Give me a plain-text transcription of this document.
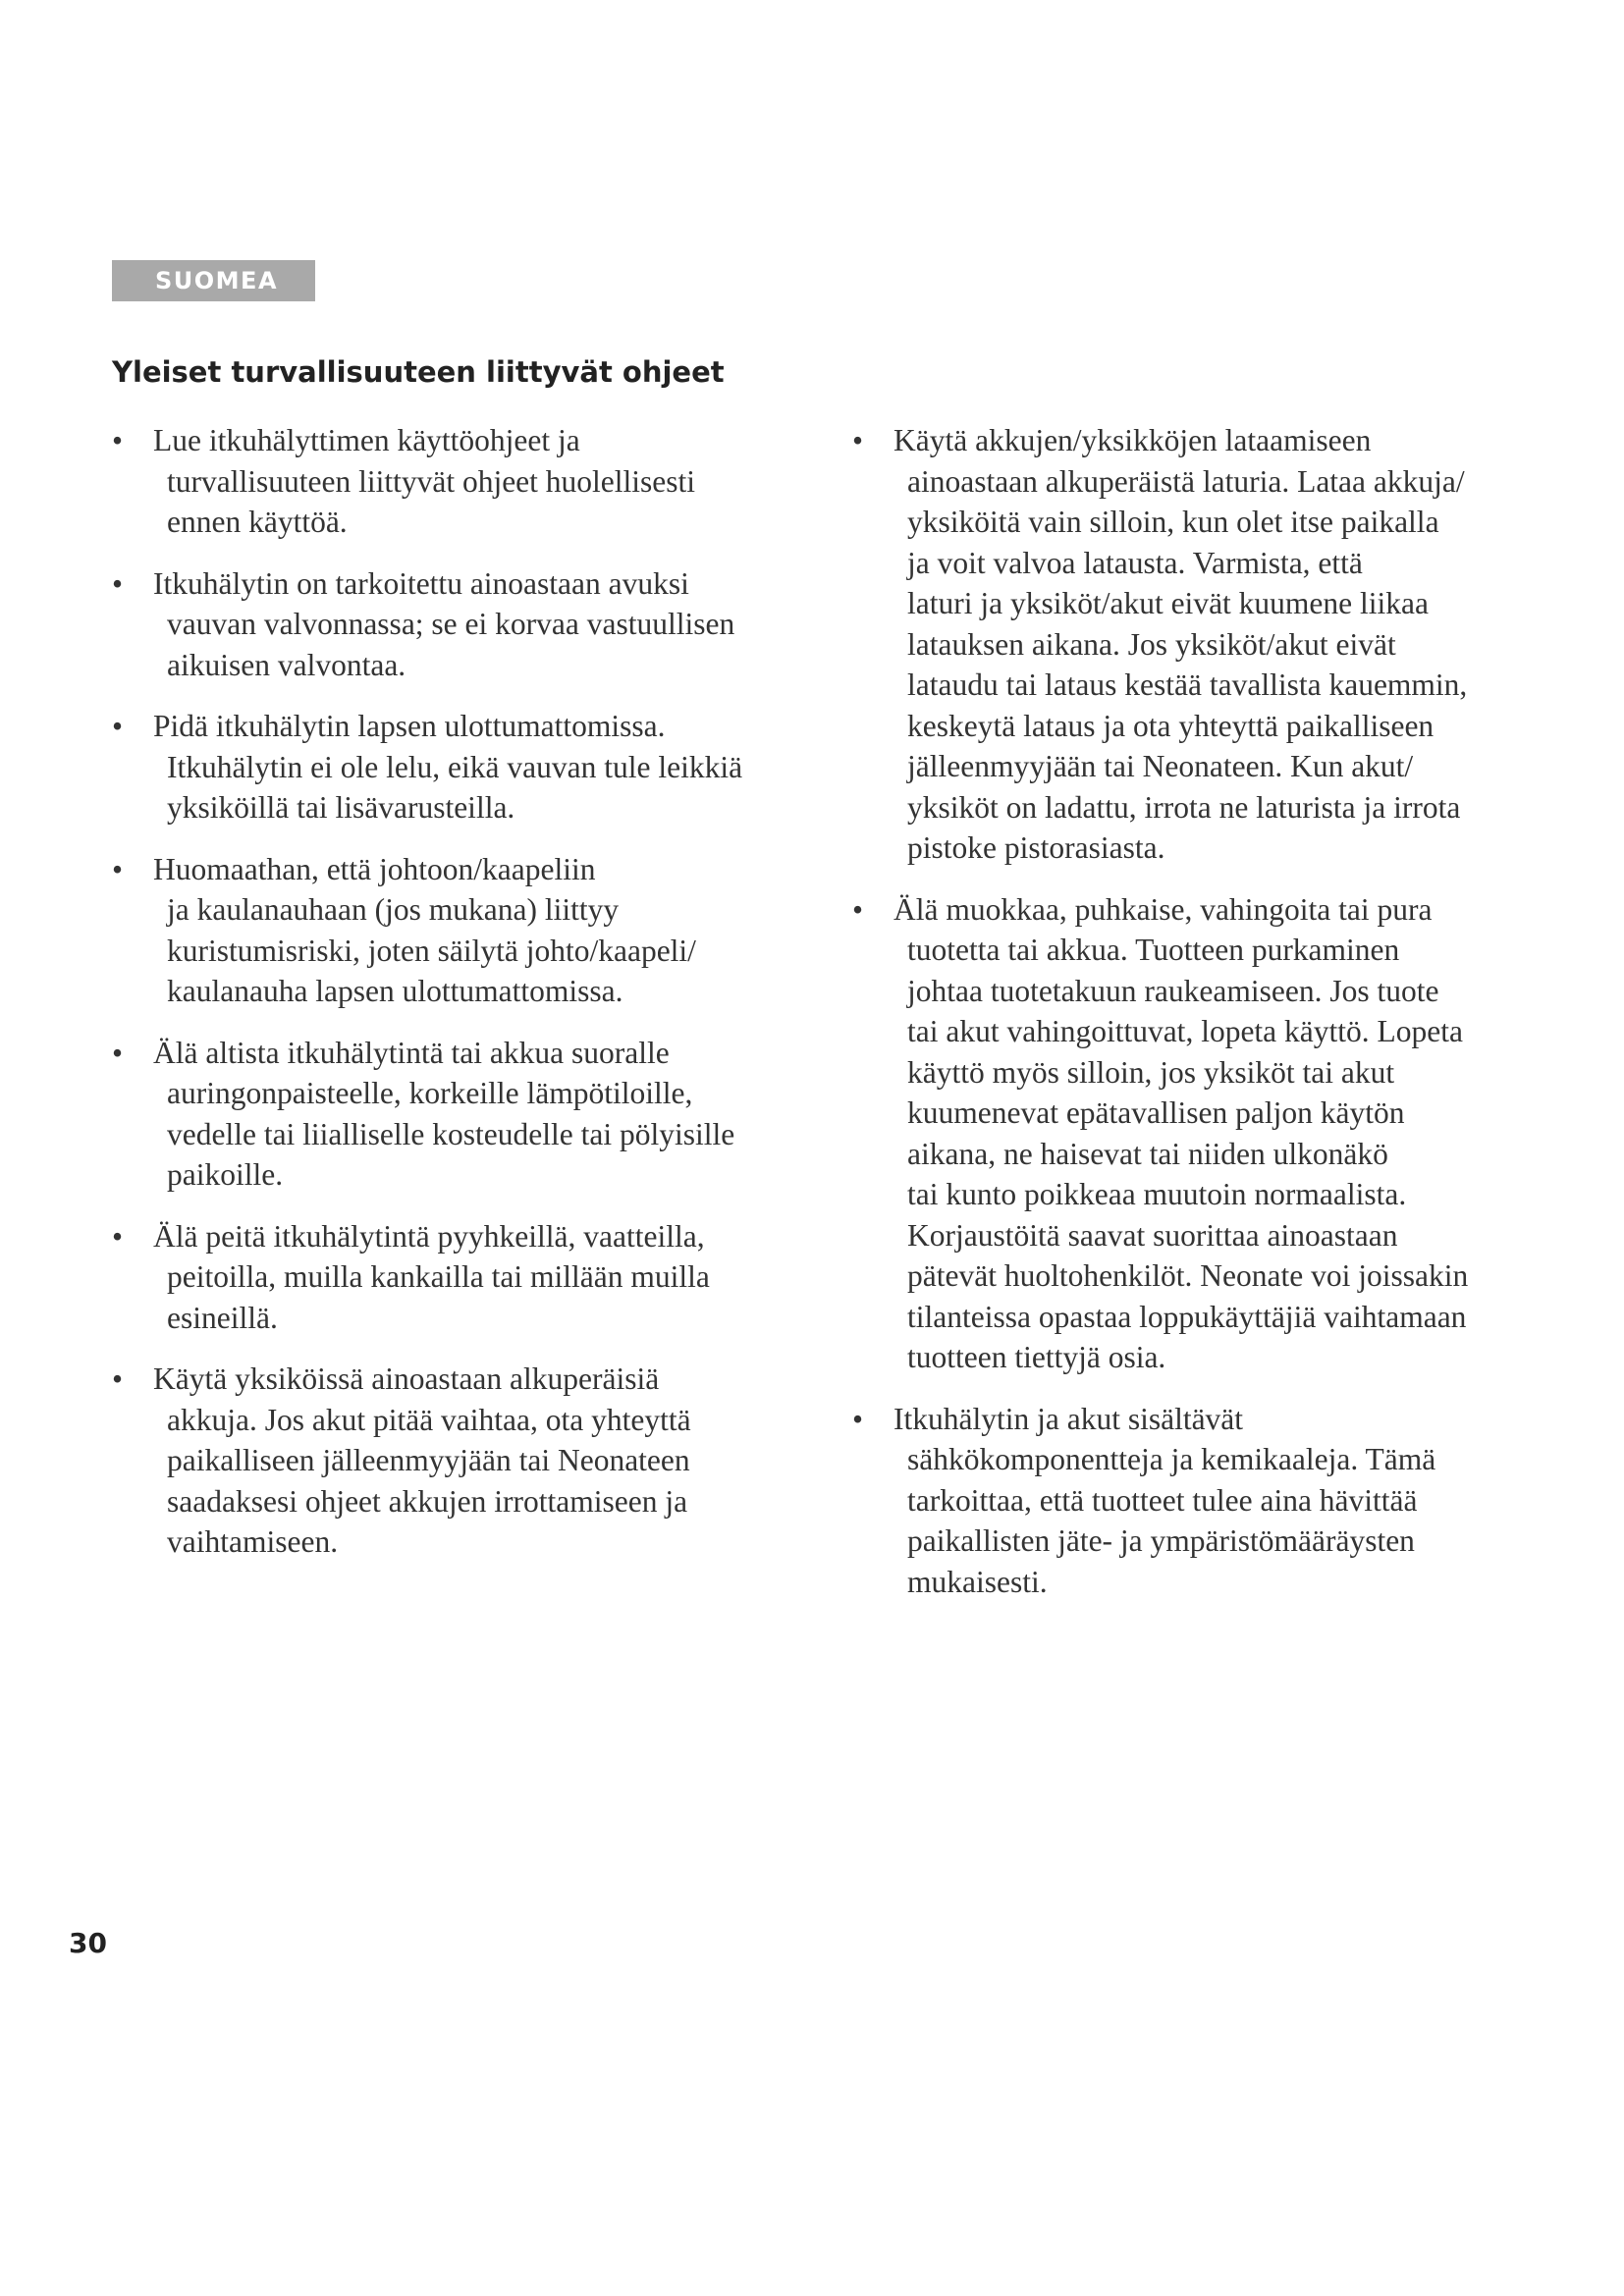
SUOMEA
Yleiset turvallisuuteen liittyvät ohjeet
• Lue itkuhälyttimen käyttöohjeet ja
turvallisuuteen liittyvät ohjeet huolellisesti
ennen käyttöä.
• Itkuhälytin on tarkoitettu ainoastaan avuksi
vauvan valvonnassa; se ei korvaa vastuullisen
aikuisen valvontaa.
• Pidä itkuhälytin lapsen ulottumattomissa.
Itkuhälytin ei ole lelu, eikä vauvan tule leikkiä
yksiköillä tai lisävarusteilla.
• Huomaathan, että johtoon/kaapeliin
ja kaulanauhaan (jos mukana) liittyy
kuristumisriski, joten säilytä johto/kaapeli/
kaulanauha lapsen ulottumattomissa.
• Älä altista itkuhälytintä tai akkua suoralle
auringonpaisteelle, korkeille lämpötiloille,
vedelle tai liialliselle kosteudelle tai pölyisille
paikoille.
• Älä peitä itkuhälytintä pyyhkeillä, vaatteilla,
peitoilla, muilla kankailla tai millään muilla
esineillä.
• Käytä yksiköissä ainoastaan alkuperäisiä
akkuja. Jos akut pitää vaihtaa, ota yhteyttä
paikalliseen jälleenmyyjään tai Neonateen
saadaksesi ohjeet akkujen irrottamiseen ja
vaihtamiseen.
• Käytä akkujen/yksikköjen lataamiseen
ainoastaan alkuperäistä laturia. Lataa akkuja/
yksiköitä vain silloin, kun olet itse paikalla
ja voit valvoa latausta. Varmista, että
laturi ja yksiköt/akut eivät kuumene liikaa
latauksen aikana. Jos yksiköt/akut eivät
lataudu tai lataus kestää tavallista kauemmin,
keskeytä lataus ja ota yhteyttä paikalliseen
jälleenmyyjään tai Neonateen. Kun akut/
yksiköt on ladattu, irrota ne laturista ja irrota
pistoke pistorasiasta.
• Älä muokkaa, puhkaise, vahingoita tai pura
tuotetta tai akkua. Tuotteen purkaminen
johtaa tuotetakuun raukeamiseen. Jos tuote
tai akut vahingoittuvat, lopeta käyttö. Lopeta
käyttö myös silloin, jos yksiköt tai akut
kuumenevat epätavallisen paljon käytön
aikana, ne haisevat tai niiden ulkonäkö
tai kunto poikkeaa muutoin normaalista.
Korjaustöitä saavat suorittaa ainoastaan
pätevät huoltohenkilöt. Neonate voi joissakin
tilanteissa opastaa loppukäyttäjiä vaihtamaan
tuotteen tiettyjä osia.
• Itkuhälytin ja akut sisältävät
sähkökomponentteja ja kemikaaleja. Tämä
tarkoittaa, että tuotteet tulee aina hävittää
paikallisten jäte- ja ympäristömääräysten
mukaisesti.
30
